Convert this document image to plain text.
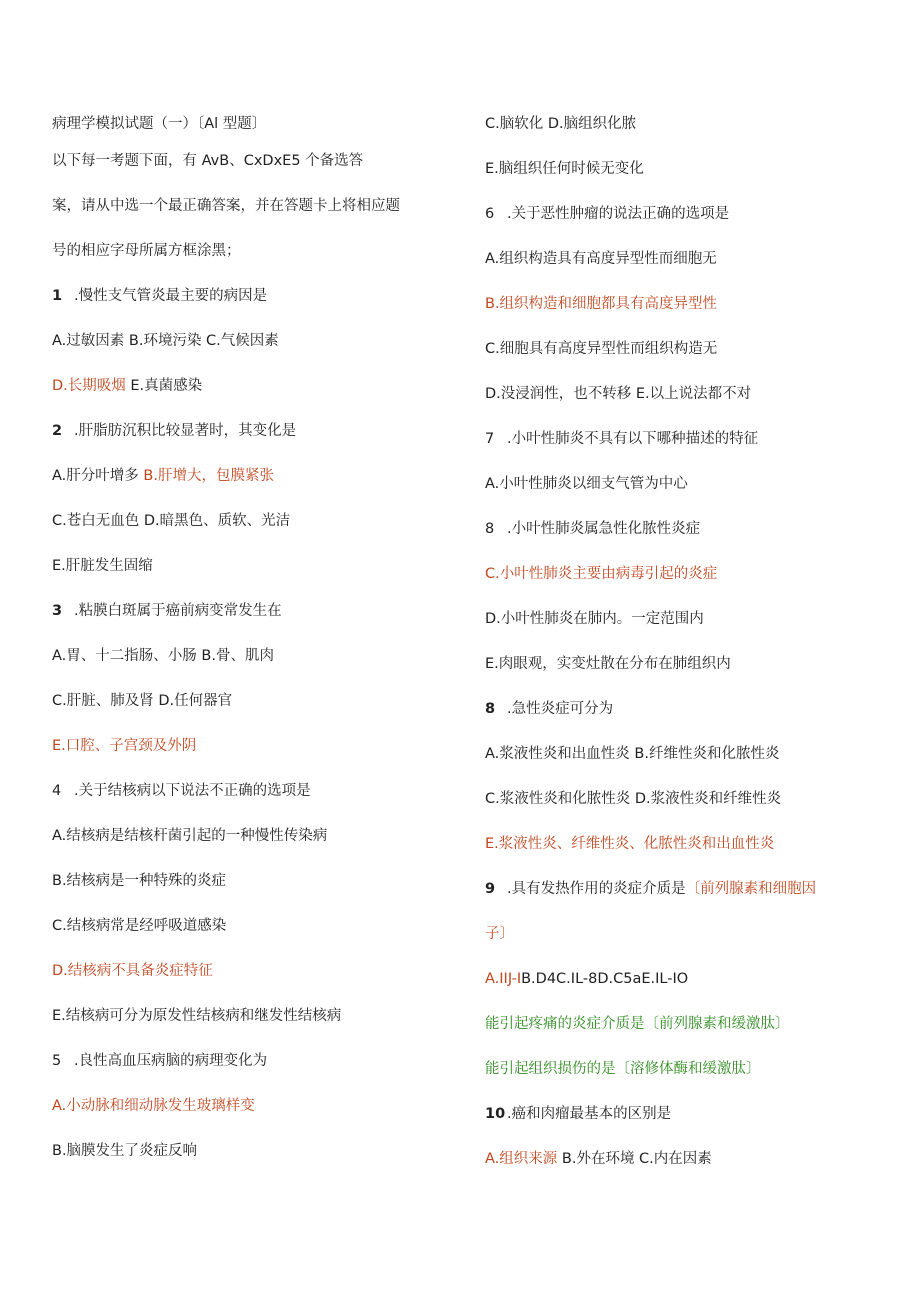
病理学模拟试题（一）〔Al 型题〕
以下每一考题下面，有 AvB、CxDxE5 个备选答
案，请从中选一个最正确答案，并在答题卡上将相应题
号的相应字母所属方框涂黑；
1 .慢性支气管炎最主要的病因是
A.过敏因素 B.环境污染 C.气候因素
D.长期吸烟 E.真菌感染
2 .肝脂肪沉积比较显著时，其变化是
A.肝分叶增多 B.肝增大，包膜紧张
C.苍白无血色 D.暗黑色、质软、光洁
E.肝脏发生固缩
3 .粘膜白斑属于癌前病变常发生在
A.胃、十二指肠、小肠 B.骨、肌肉
C.肝脏、肺及肾 D.任何器官
E.口腔、子宫颈及外阴
4 .关于结核病以下说法不正确的选项是
A.结核病是结核杆菌引起的一种慢性传染病
B.结核病是一种特殊的炎症
C.结核病常是经呼吸道感染
D.结核病不具备炎症特征
E.结核病可分为原发性结核病和继发性结核病
5 .良性高血压病脑的病理变化为
A.小动脉和细动脉发生玻璃样变
B.脑膜发生了炎症反响
C.脑软化 D.脑组织化脓
E.脑组织任何时候无变化
6 .关于恶性肿瘤的说法正确的选项是
A.组织构造具有高度异型性而细胞无
B.组织构造和细胞都具有高度异型性
C.细胞具有高度异型性而组织构造无
D.没浸润性，也不转移 E.以上说法都不对
7 .小叶性肺炎不具有以下哪种描述的特征
A.小叶性肺炎以细支气管为中心
8 .小叶性肺炎属急性化脓性炎症
C.小叶性肺炎主要由病毒引起的炎症
D.小叶性肺炎在肺内。一定范围内
E.肉眼观，实变灶散在分布在肺组织内
8 .急性炎症可分为
A.浆液性炎和出血性炎 B.纤维性炎和化脓性炎
C.浆液性炎和化脓性炎 D.浆液性炎和纤维性炎
E.浆液性炎、纤维性炎、化脓性炎和出血性炎
9 .具有发热作用的炎症介质是〔前列腺素和细胞因
子〕
A.IIJ-IB.D4C.IL-8D.C5aE.IL-IO
能引起疼痛的炎症介质是〔前列腺素和缓激肽〕
能引起组织损伤的是〔溶修体酶和缓激肽〕
10 .癌和肉瘤最基本的区别是
A.组织来源 B.外在环境 C.内在因素
